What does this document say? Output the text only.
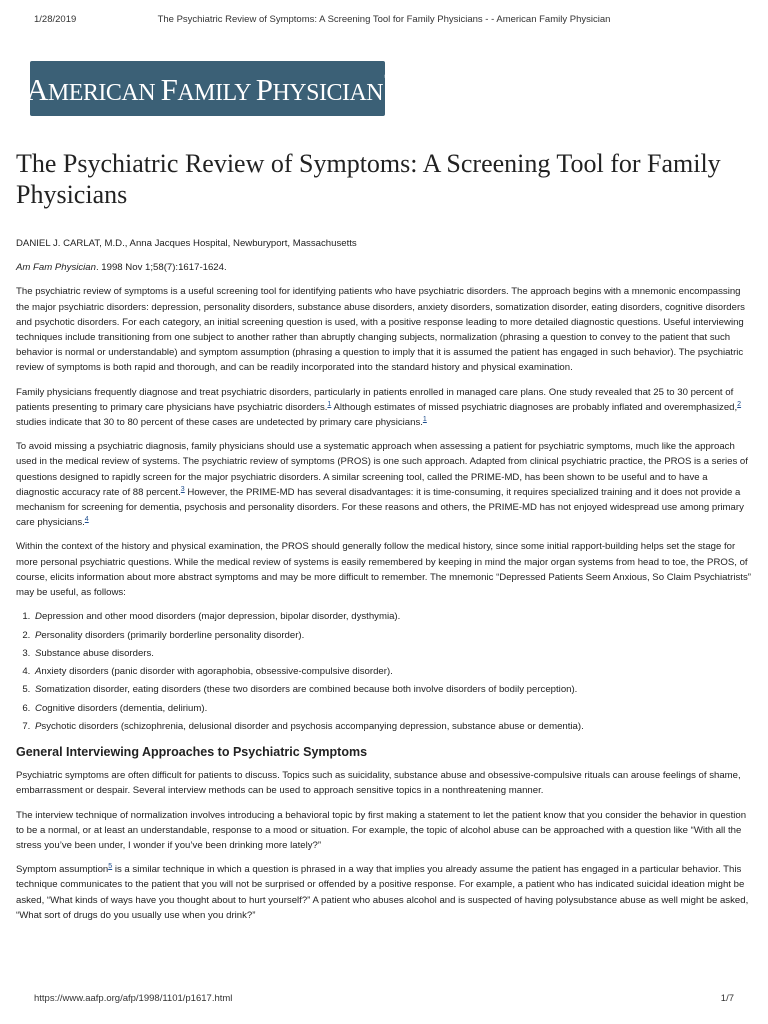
1/28/2019	The Psychiatric Review of Symptoms: A Screening Tool for Family Physicians - - American Family Physician
AMERICAN FAMILY PHYSICIAN®
The Psychiatric Review of Symptoms: A Screening Tool for Family Physicians

DANIEL J. CARLAT, M.D., Anna Jacques Hospital, Newburyport, Massachusetts

Am Fam Physician. 1998 Nov 1;58(7):1617-1624.

The psychiatric review of symptoms is a useful screening tool for identifying patients who have psychiatric disorders. The approach begins with a mnemonic encompassing the major psychiatric disorders: depression, personality disorders, substance abuse disorders, anxiety disorders, somatization disorder, eating disorders, cognitive disorders and psychotic disorders. For each category, an initial screening question is used, with a positive response leading to more detailed diagnostic questions. Useful interviewing techniques include transitioning from one subject to another rather than abruptly changing subjects, normalization (phrasing a question to convey to the patient that such behavior is normal or understandable) and symptom assumption (phrasing a question to imply that it is assumed the patient has engaged in such behavior). The psychiatric review of symptoms is both rapid and thorough, and can be readily incorporated into the standard history and physical examination.

Family physicians frequently diagnose and treat psychiatric disorders, particularly in patients enrolled in managed care plans. One study revealed that 25 to 30 percent of patients presenting to primary care physicians have psychiatric disorders.$^1$ Although estimates of missed psychiatric diagnoses are probably inflated and overemphasized,$^2$ studies indicate that 30 to 80 percent of these cases are undetected by primary care physicians.$^1$

To avoid missing a psychiatric diagnosis, family physicians should use a systematic approach when assessing a patient for psychiatric symptoms, much like the approach used in the medical review of systems. The psychiatric review of symptoms (PROS) is one such approach. Adapted from clinical psychiatric practice, the PROS is a series of questions designed to rapidly screen for the major psychiatric disorders. A similar screening tool, called the PRIME-MD, has been shown to be useful and to have a diagnostic accuracy rate of 88 percent.$^3$ However, the PRIME-MD has several disadvantages: it is time-consuming, it requires specialized training and it does not provide a mechanism for screening for dementia, psychosis and personality disorders. For these reasons and others, the PRIME-MD has not enjoyed widespread use among primary care physicians.$^4$

Within the context of the history and physical examination, the PROS should generally follow the medical history, since some initial rapport-building helps set the stage for more personal psychiatric questions. While the medical review of systems is easily remembered by keeping in mind the major organ systems from head to toe, the PROS, of course, elicits information about more abstract symptoms and may be more difficult to remember. The mnemonic “Depressed Patients Seem Anxious, So Claim Psychiatrists” may be useful, as follows:

1. Depression and other mood disorders (major depression, bipolar disorder, dysthymia).
2. Personality disorders (primarily borderline personality disorder).
3. Substance abuse disorders.
4. Anxiety disorders (panic disorder with agoraphobia, obsessive-compulsive disorder).
5. Somatization disorder, eating disorders (these two disorders are combined because both involve disorders of bodily perception).
6. Cognitive disorders (dementia, delirium).
7. Psychotic disorders (schizophrenia, delusional disorder and psychosis accompanying depression, substance abuse or dementia).
General Interviewing Approaches to Psychiatric Symptoms

Psychiatric symptoms are often difficult for patients to discuss. Topics such as suicidality, substance abuse and obsessive-compulsive rituals can arouse feelings of shame, embarrassment or despair. Several interview methods can be used to approach sensitive topics in a nonthreatening manner.

The interview technique of normalization involves introducing a behavioral topic by first making a statement to let the patient know that you consider the behavior in question to be a normal, or at least an understandable, response to a mood or situation. For example, the topic of alcohol abuse can be approached with a question like “With all the stress you’ve been under, I wonder if you’ve been drinking more lately?”

Symptom assumption$^5$ is a similar technique in which a question is phrased in a way that implies you already assume the patient has engaged in a particular behavior. This technique communicates to the patient that you will not be surprised or offended by a positive response. For example, a patient who has indicated suicidal ideation might be asked, “What kinds of ways have you thought about to hurt yourself?” A patient who abuses alcohol and is suspected of having polysubstance abuse as well might be asked, “What sort of drugs do you usually use when you drink?”

https://www.aafp.org/afp/1998/1101/p1617.html	1/7
